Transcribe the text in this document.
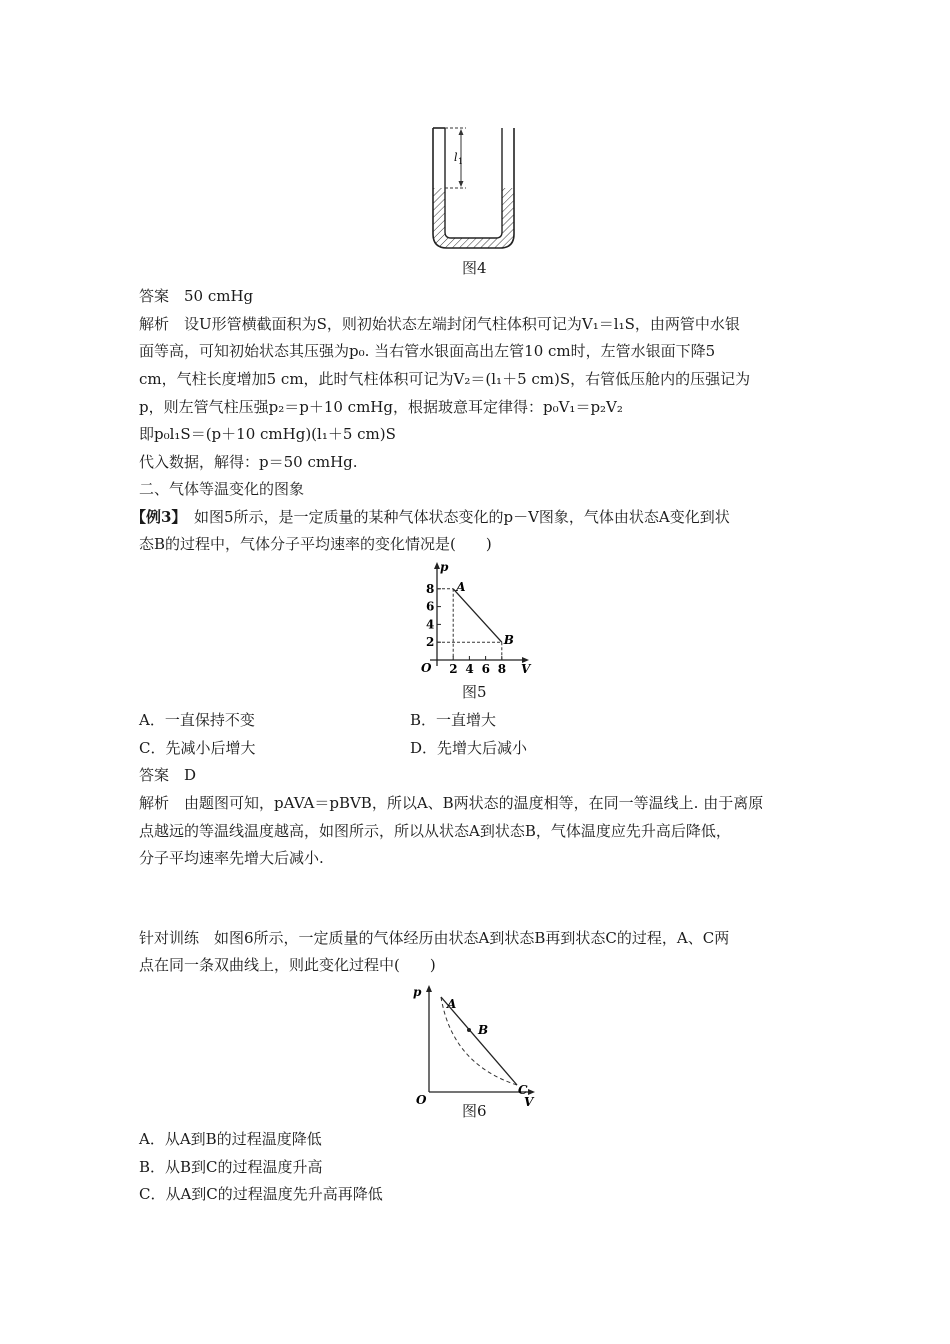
l 1
图4
答案　50 cmHg
解析　设U形管横截面积为S，则初始状态左端封闭气柱体积可记为V₁＝l₁S，由两管中水银
面等高，可知初始状态其压强为p₀. 当右管水银面高出左管10 cm时，左管水银面下降5
cm，气柱长度增加5 cm，此时气柱体积可记为V₂＝(l₁＋5 cm)S，右管低压舱内的压强记为
p，则左管气柱压强p₂＝p＋10 cmHg，根据玻意耳定律得：p₀V₁＝p₂V₂
即p₀l₁S＝(p＋10 cmHg)(l₁＋5 cm)S
代入数据，解得：p＝50 cmHg.
二、气体等温变化的图象
【例3】　如图5所示，是一定质量的某种气体状态变化的p－V图象，气体由状态A变化到状
态B的过程中，气体分子平均速率的变化情况是(　　)
p
V
O
2
4
6
8
2 4 6 8
A
B
图5
A．一直保持不变	B．一直增大
C．先减小后增大	D．先增大后减小
答案　D
解析　由题图可知，pAVA＝pBVB，所以A、B两状态的温度相等，在同一等温线上. 由于离原
点越远的等温线温度越高，如图所示，所以从状态A到状态B，气体温度应先升高后降低，
分子平均速率先增大后减小.
针对训练　如图6所示，一定质量的气体经历由状态A到状态B再到状态C的过程，A、C两
点在同一条双曲线上，则此变化过程中(　　)
p
V
O
A
B
C
图6
A．从A到B的过程温度降低
B．从B到C的过程温度升高
C．从A到C的过程温度先升高再降低
